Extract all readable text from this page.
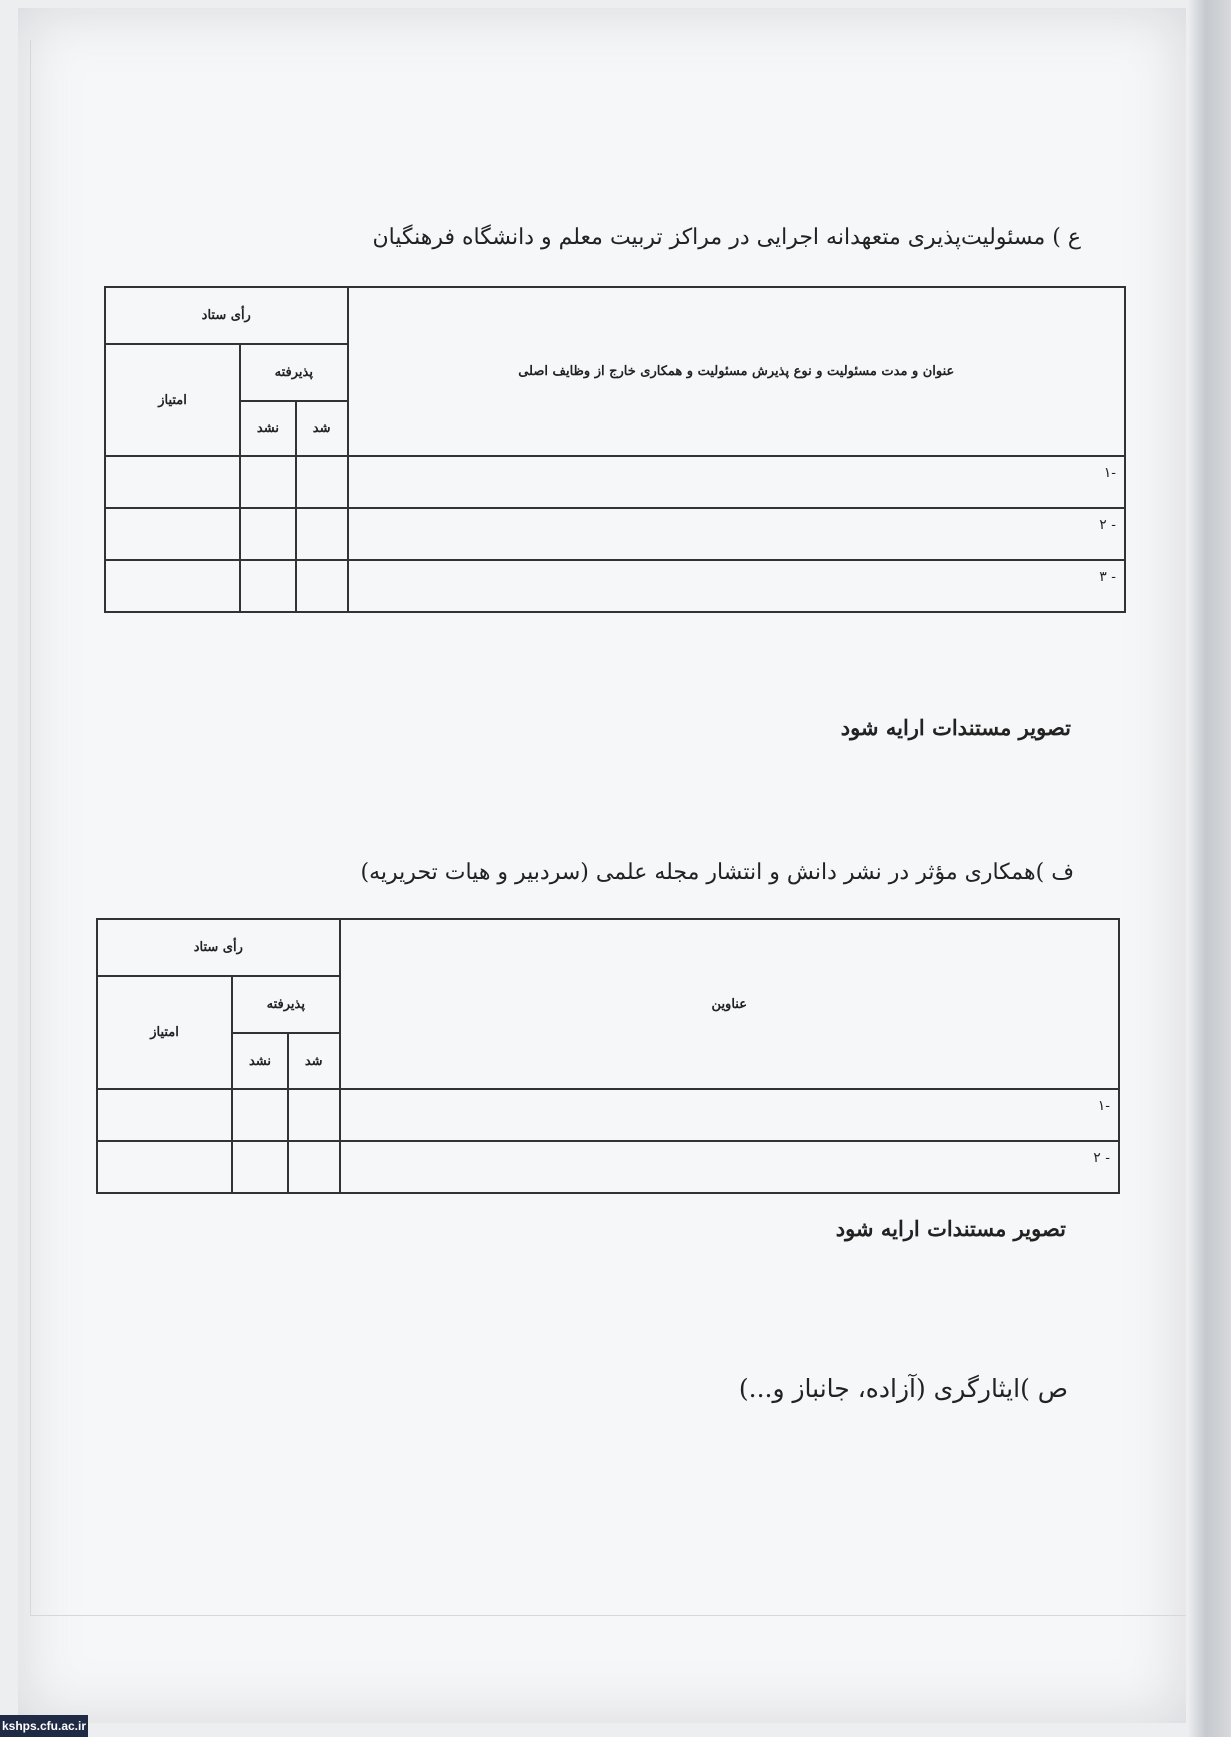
ع ) مسئولیت‌پذیری متعهدانه اجرایی در مراکز تربیت معلم و دانشگاه فرهنگیان
عنوان و مدت مسئولیت و نوع پذیرش مسئولیت و همکاری خارج از وظایف اصلی	رأی ستاد		
	پذیرفته		امتیاز
	شد	نشد	
-۱			
- ۲			
- ۳			
تصویر مستندات ارایه شود
ف )همکاری مؤثر در نشر دانش و انتشار مجله علمی (سردبیر و هیات تحریریه)
عناوین	رأی ستاد		
	پذیرفته		امتیاز
	شد	نشد	
-۱			
- ۲			
تصویر مستندات ارایه شود
ص )ایثارگری (آزاده، جانباز و...)
kshps.cfu.ac.ir
